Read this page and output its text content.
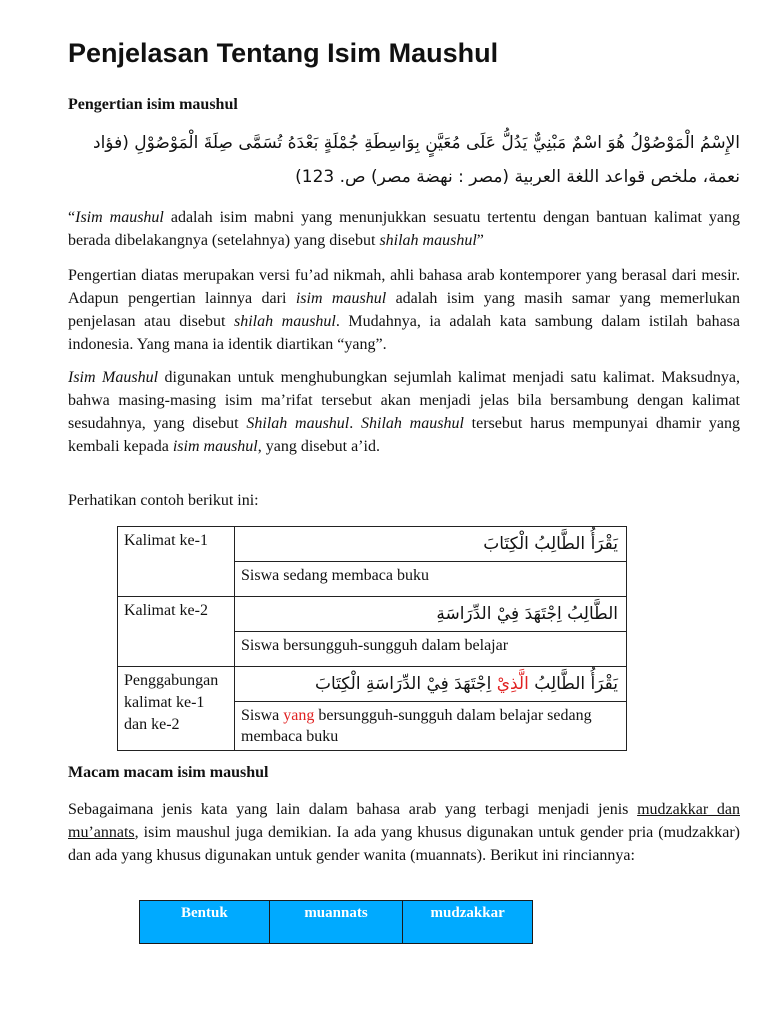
Penjelasan Tentang Isim Maushul
Pengertian isim maushul
الإِسْمُ الْمَوْصُوْلُ هُوَ اسْمٌ مَبْنِيٌّ يَدُلُّ عَلَى مُعَيَّنٍ بِوَاسِطَةِ جُمْلَةٍ بَعْدَهُ تُسَمَّى صِلَةَ الْمَوْصُوْلِ (فؤاد
نعمة، ملخص قواعد اللغة العربية (مصر : نهضة مصر) ص. 123)
“Isim maushul adalah isim mabni yang menunjukkan sesuatu tertentu dengan bantuan kalimat yang berada dibelakangnya (setelahnya) yang disebut shilah maushul”
Pengertian diatas merupakan versi fu’ad nikmah, ahli bahasa arab kontemporer yang berasal dari mesir. Adapun pengertian lainnya dari isim maushul adalah isim yang masih samar yang memerlukan penjelasan atau disebut shilah maushul. Mudahnya, ia adalah kata sambung dalam istilah bahasa indonesia. Yang mana ia identik diartikan “yang”.
Isim Maushul digunakan untuk menghubungkan sejumlah kalimat menjadi satu kalimat. Maksudnya, bahwa masing-masing isim ma’rifat tersebut akan menjadi jelas bila bersambung dengan kalimat sesudahnya, yang disebut Shilah maushul. Shilah maushul tersebut harus mempunyai dhamir yang kembali kepada isim maushul, yang disebut a’id.
Perhatikan contoh berikut ini:
Macam macam isim maushul
Sebagaimana jenis kata yang lain dalam bahasa arab yang terbagi menjadi jenis mudzakkar dan mu’annats, isim maushul juga demikian. Ia ada yang khusus digunakan untuk gender pria (mudzakkar) dan ada yang khusus digunakan untuk gender wanita (muannats). Berikut ini rinciannya:
Kalimat ke-1	يَقْرَأُ الطَّالِبُ الْكِتَابَ
	Siswa sedang membaca buku
Kalimat ke-2	الطَّالِبُ اِجْتَهَدَ فِيْ الدِّرَاسَةِ
	Siswa bersungguh-sungguh dalam belajar
Penggabungan kalimat ke-1 dan ke-2	يَقْرَأُ الطَّالِبُ الَّذِيْ اِجْتَهَدَ فِيْ الدِّرَاسَةِ الْكِتَابَ
	Siswa yang bersungguh-sungguh dalam belajar sedang membaca buku
Bentuk	muannats	mudzakkar
